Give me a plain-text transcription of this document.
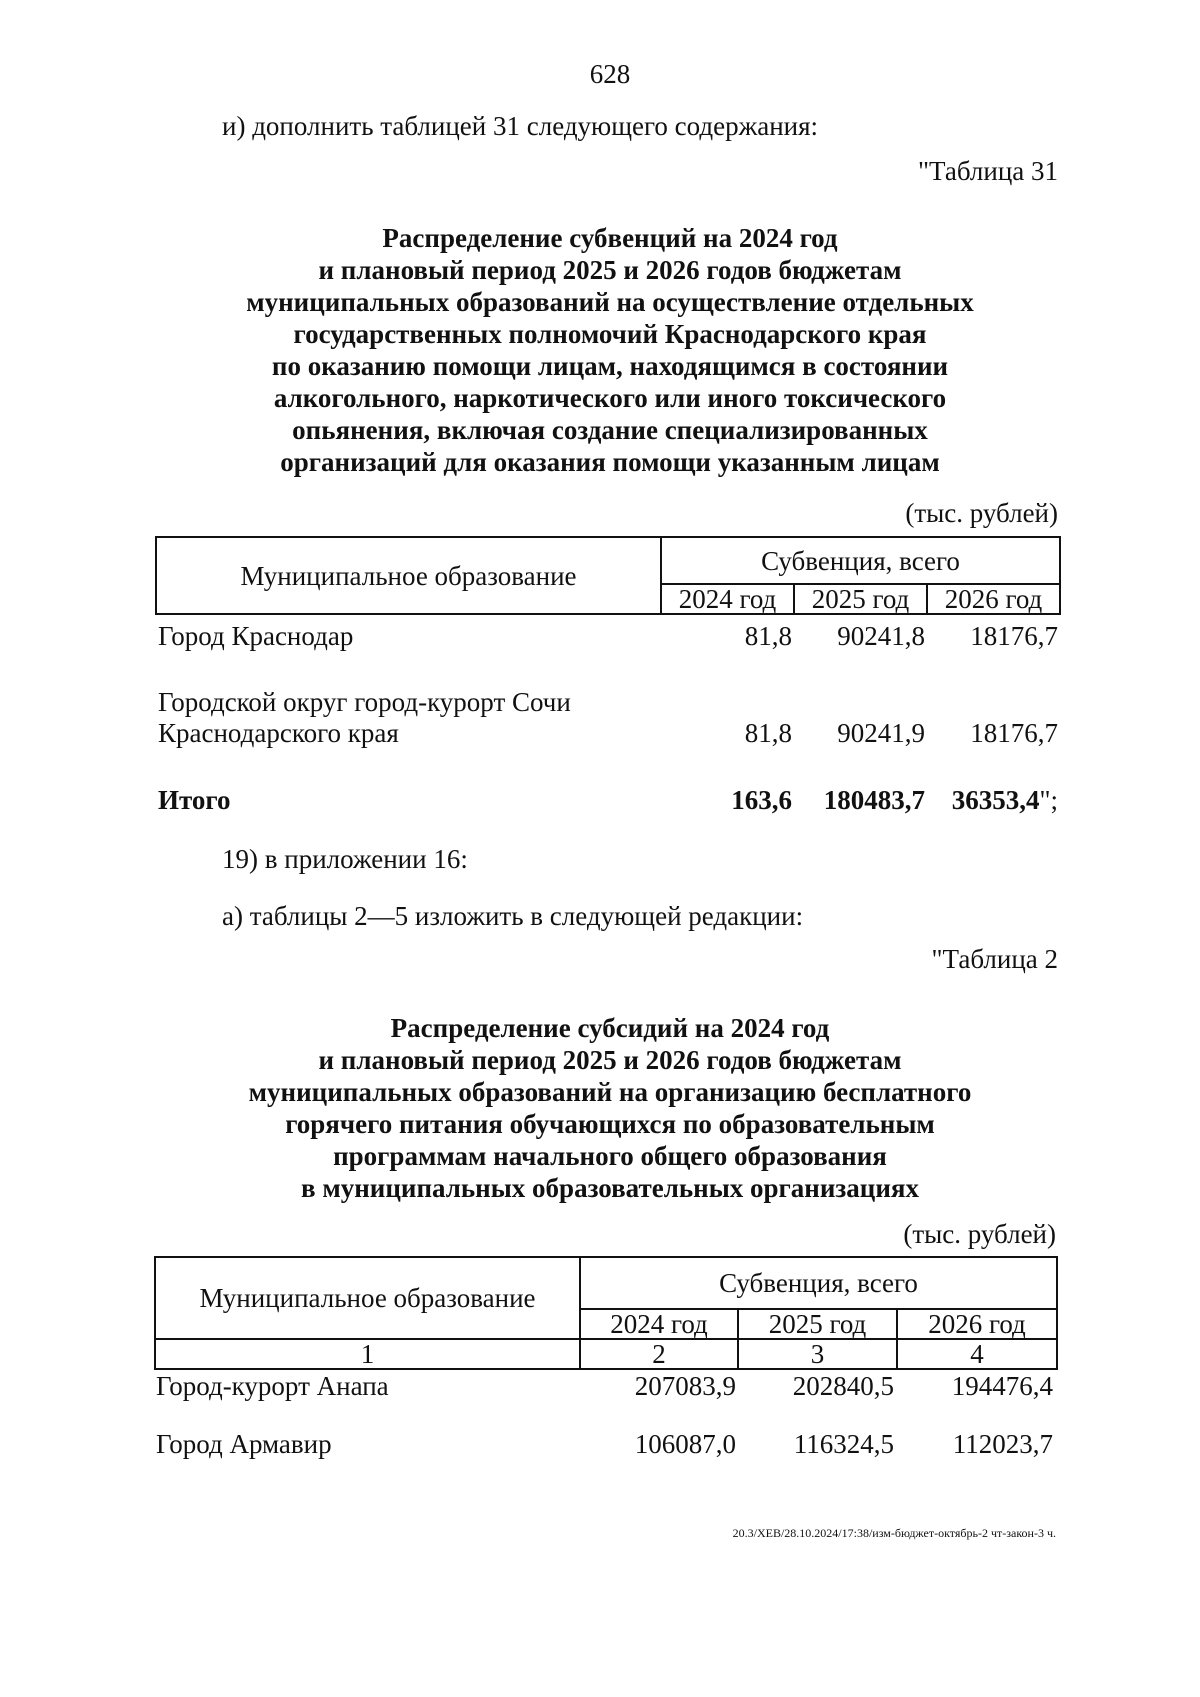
628
и) дополнить таблицей 31 следующего содержания:
"Таблица 31
Распределение субвенций на 2024 год
и плановый период 2025 и 2026 годов бюджетам
муниципальных образований на осуществление отдельных
государственных полномочий Краснодарского края
по оказанию помощи лицам, находящимся в состоянии
алкогольного, наркотического или иного токсического
опьянения, включая создание специализированных
организаций для оказания помощи указанным лицам
(тыс. рублей)
Муниципальное образование	Субвенция, всего		
	2024 год	2025 год	2026 год
Город Краснодар	81,8	90241,8	18176,7
Городской округ город-курорт Сочи
Краснодарского края	81,8	90241,9	18176,7
Итого	163,6	180483,7 36353,4";
19) в приложении 16:
а) таблицы 2—5 изложить в следующей редакции:
"Таблица 2
Распределение субсидий на 2024 год
и плановый период 2025 и 2026 годов бюджетам
муниципальных образований на организацию бесплатного
горячего питания обучающихся по образовательным
программам начального общего образования
в муниципальных образовательных организациях
(тыс. рублей)
Муниципальное образование	Субвенция, всего		
	2024 год	2025 год	2026 год
1	2	3	4
Город-курорт Анапа	207083,9	202840,5	194476,4
Город Армавир	106087,0	116324,5	112023,7
20.3/ХЕВ/28.10.2024/17:38/изм-бюджет-октябрь-2 чт-закон-3 ч.
